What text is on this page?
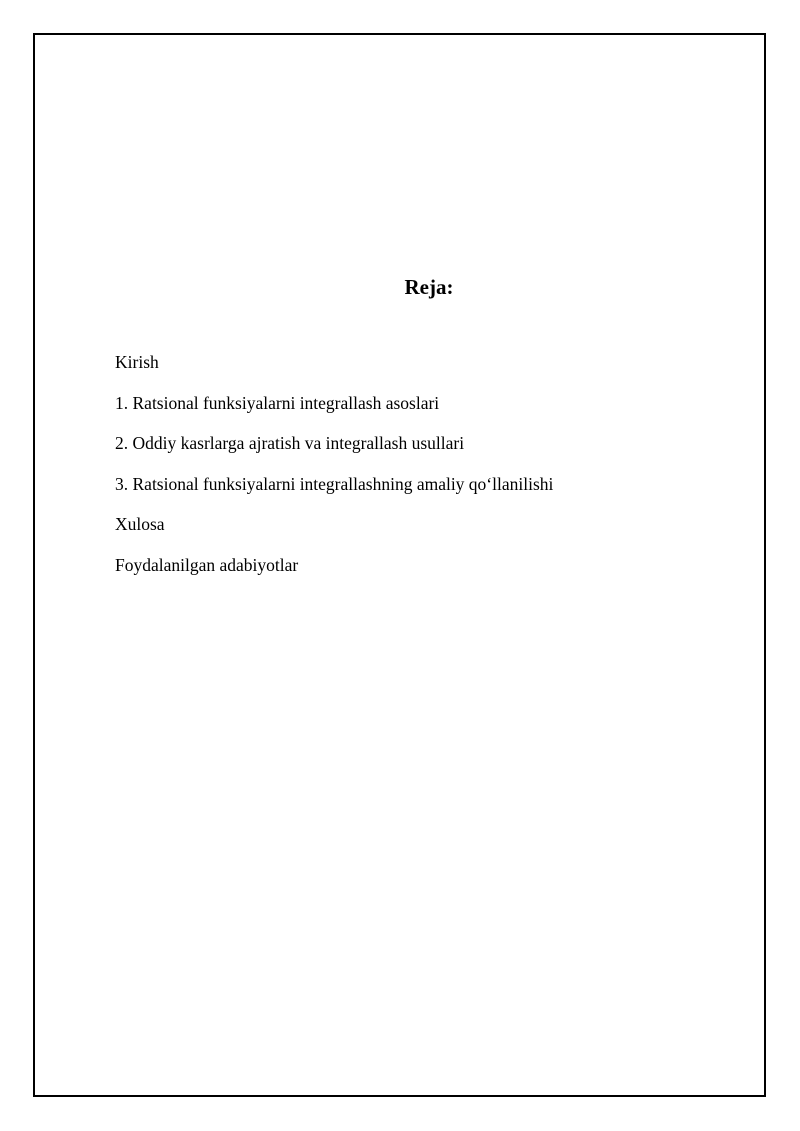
Reja:
Kirish
1. Ratsional funksiyalarni integrallash asoslari
2. Oddiy kasrlarga ajratish va integrallash usullari
3. Ratsional funksiyalarni integrallashning amaliy qo‘llanilishi
Xulosa
Foydalanilgan adabiyotlar
